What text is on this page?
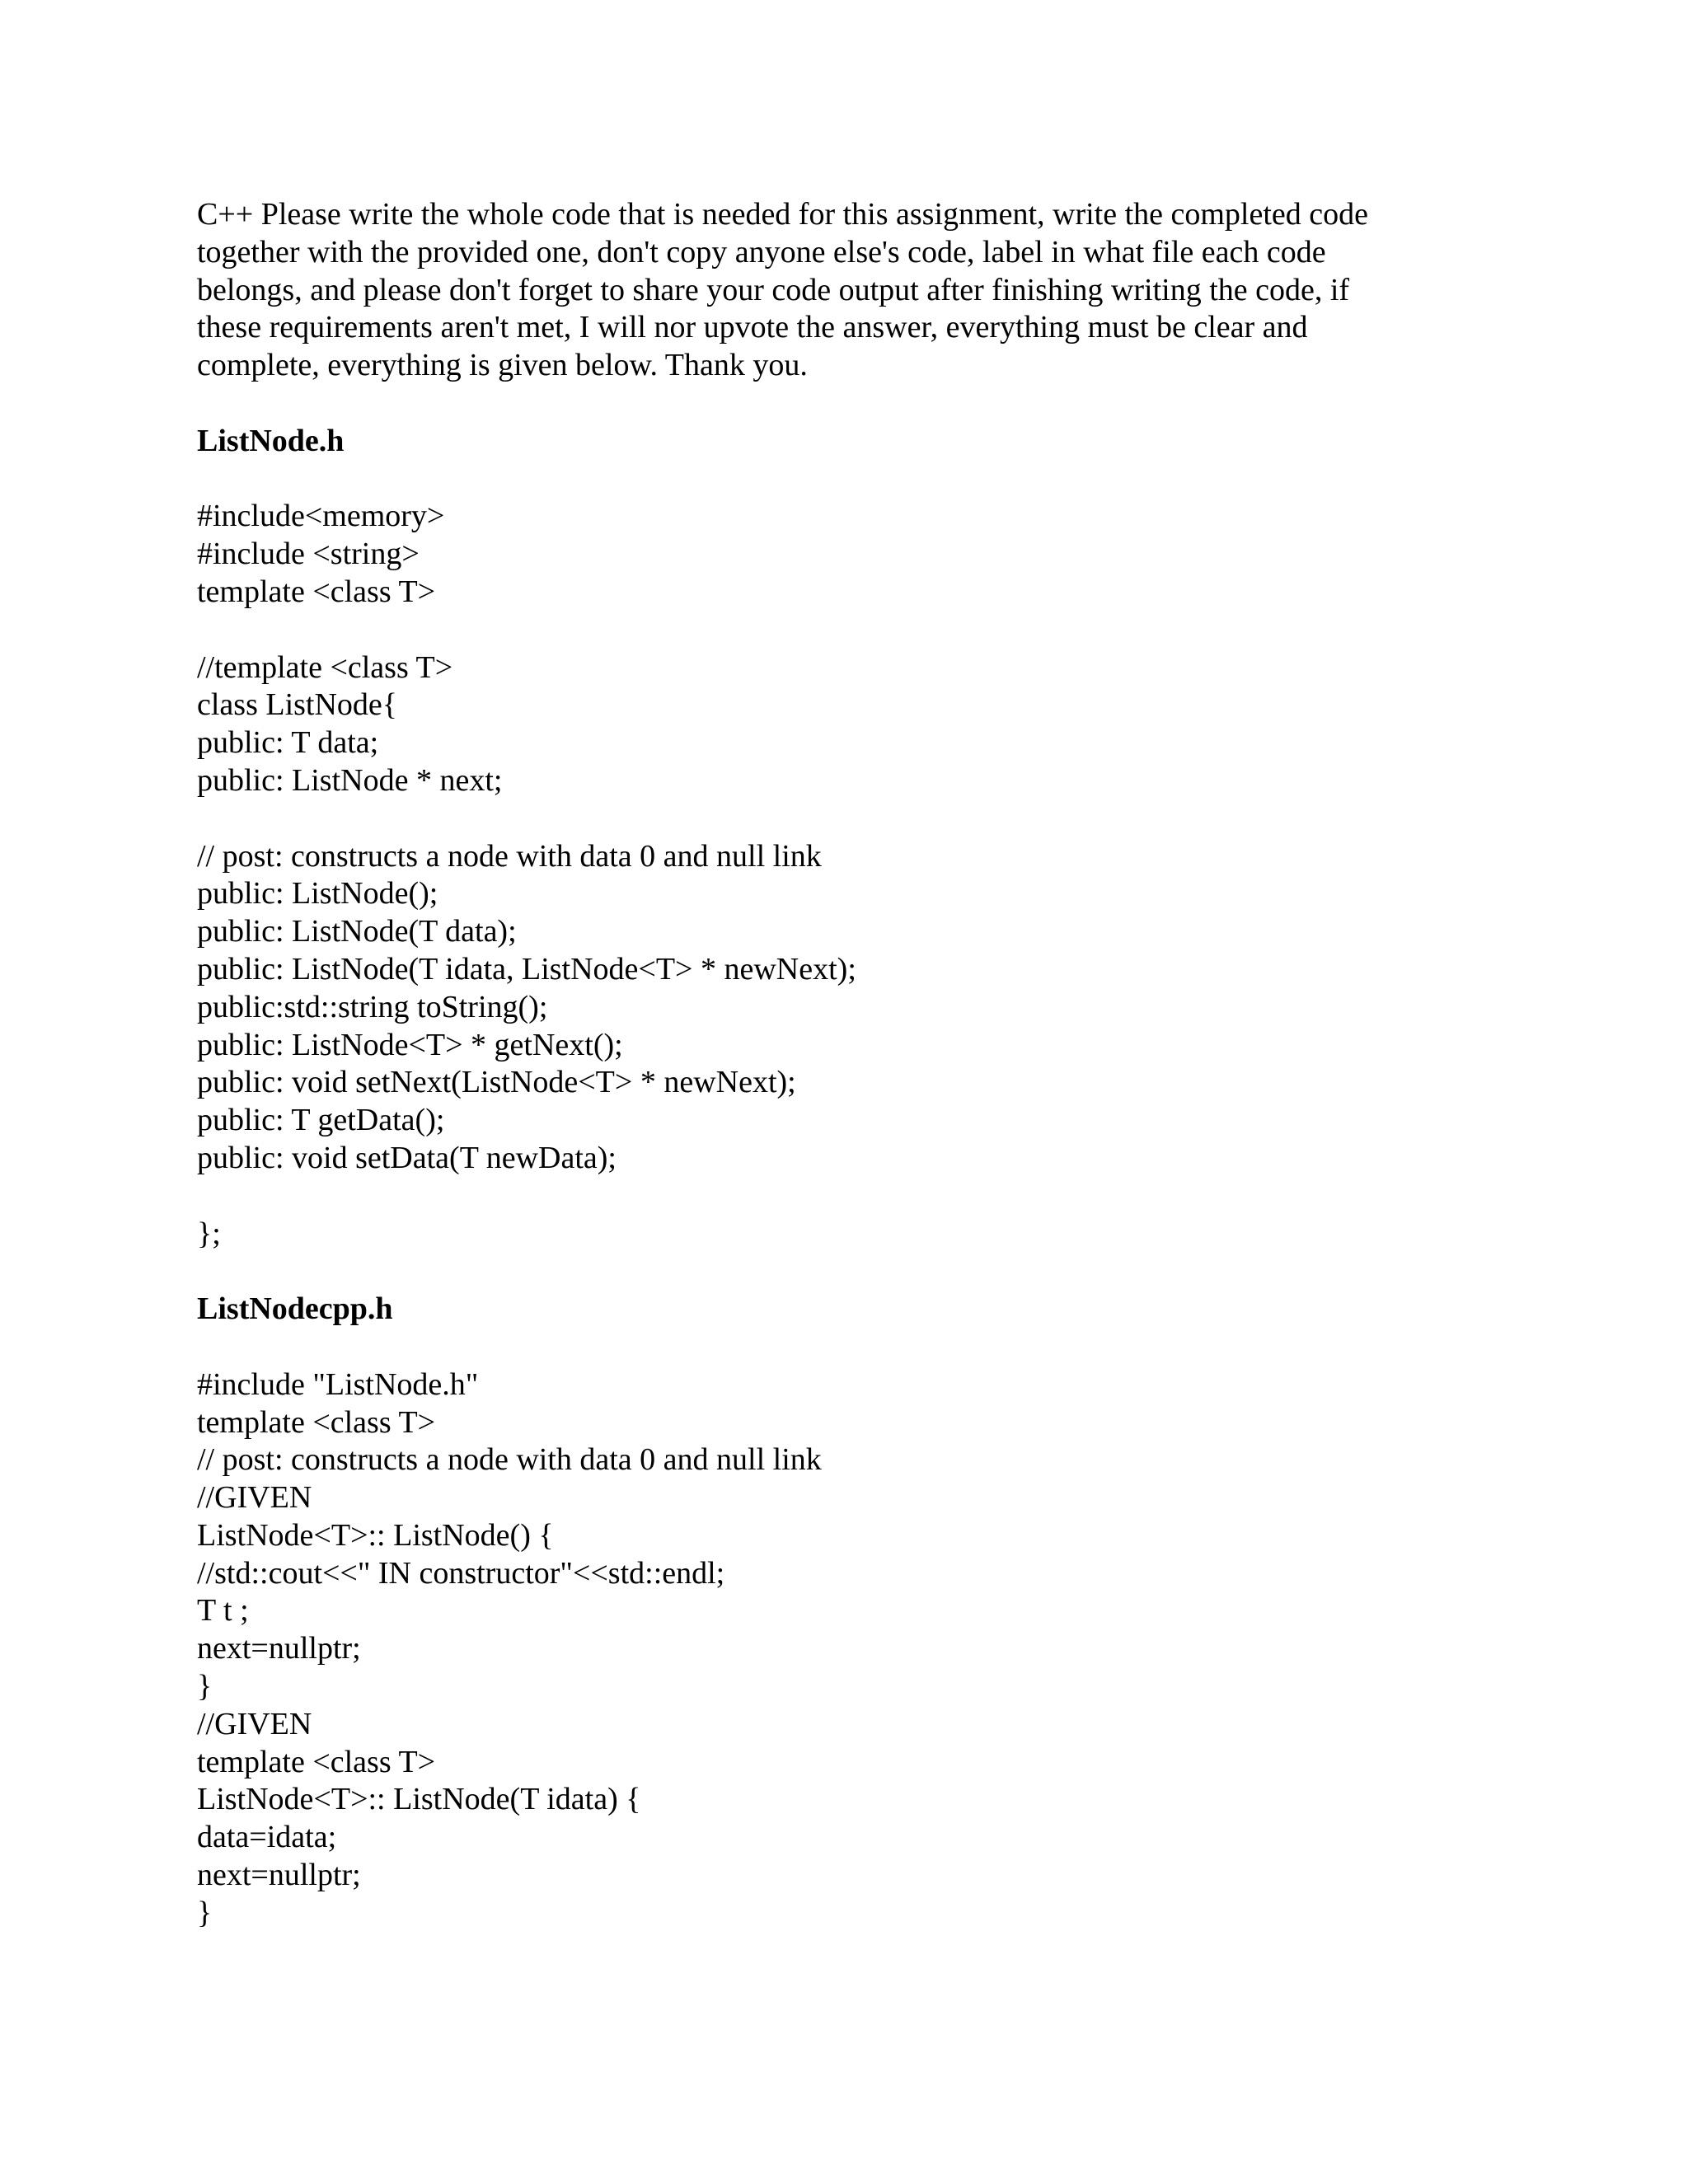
C++ Please write the whole code that is needed for this assignment, write the completed code
together with the provided one, don't copy anyone else's code, label in what file each code
belongs, and please don't forget to share your code output after finishing writing the code, if
these requirements aren't met, I will nor upvote the answer, everything must be clear and
complete, everything is given below. Thank you.
ListNode.h
#include<memory>
#include <string>
template <class T>
//template <class T>
class ListNode{
public: T data;
public: ListNode * next;
// post: constructs a node with data 0 and null link
public: ListNode();
public: ListNode(T data);
public: ListNode(T idata, ListNode<T> * newNext);
public:std::string toString();
public: ListNode<T> * getNext();
public: void setNext(ListNode<T> * newNext);
public: T getData();
public: void setData(T newData);
};
ListNodecpp.h
#include "ListNode.h"
template <class T>
// post: constructs a node with data 0 and null link
//GIVEN
ListNode<T>:: ListNode() {
//std::cout<<" IN constructor"<<std::endl;
T t ;
next=nullptr;
}
//GIVEN
template <class T>
ListNode<T>:: ListNode(T idata) {
data=idata;
next=nullptr;
}
